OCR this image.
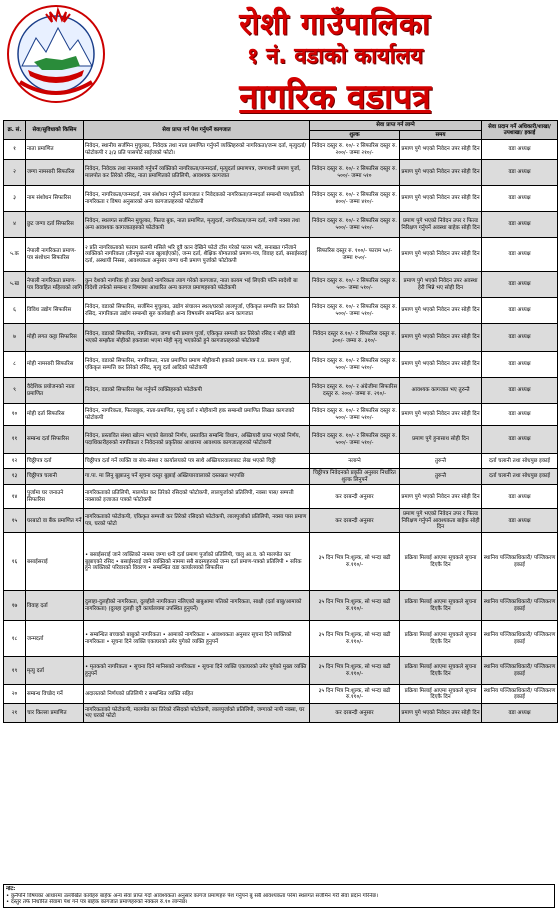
रोशी गाउँपालिका
१ नं. वडाको कार्यालय
नागरिक वडापत्र
क्र. सं.	सेवा/सुविधाको किसिम	सेवा प्राप्त गर्न पेश गर्नुपर्ने कागजात	सेवा प्राप्त गर्न लाग्ने		सेवा प्रदान गर्ने अधिकारी/शाखा/उपशाखा/ इकाई
			शुल्क	समय	
१	नाता प्रमाणित	निवेदन, स्थानीय सर्जमिन मुचुल्का, निवेदक तथा नाता प्रमाणित गर्नुपर्ने व्यक्तिहरुको नागरिकता/जन्म दर्ता, मृत्युदर्ता/फोटोकपी र ३/३ प्रति पासपोर्ट साईजको फोटो।	निवेदन दस्तुर रु. १०/- र सिफारिस दस्तुर रु. २००/- जम्मा २१०/-	प्रमाण पुगे भएको निवेदन उपर सोही दिन	वडा अध्यक्ष
२	जग्गा नामसारी सिफारिस	निवेदन, निवेदक तथा नामसारी गर्नुपर्ने व्यक्तिको नागरिकता/जन्मदर्ता, मृत्युदर्ता प्रमाणपत्र, जग्गाधनी प्रमाण पुर्जा, मालपोत कर तिरेको रसिद, नाता प्रमाणितको प्रतिलिपी, आवश्यक कागजात	निवेदन दस्तुर रु. १०/- र सिफारिस दस्तुर रु. ५००/- जम्मा ५१०	प्रमाण पुगे भएको निवेदन उपर सोही दिन	वडा अध्यक्ष
३	नाम संशोधन सिफारिस	निवेदन, नागरिकता/जन्मदर्ता, नाम संशोधन गर्नुपर्ने कागजात र निवेदकको नागरिकता/जन्मदर्ता सम्बन्धी पत्र/प्रतिको नागरिकता र विषय अनुसारको अन्य कागजातहरुको फोटोकपी	निवेदन दस्तुर रु. १०/- र सिफारिस दस्तुर रु. ४००/- जम्मा ४१०/-	प्रमाण पुगे भएको निवेदन उपर सोही दिन	वडा अध्यक्ष
४	छुट जग्गा दर्ता सिफारिस	निवेदन, स्थलगत सर्जमिन मुचुल्का, फिल्ड बुक, नाता प्रमाणित, मृत्युदर्ता, नागरिकता/जन्म दर्ता, नापी नक्सा तथा अन्य आवश्यक कागजातहरुको फोटोकपी	निवेदन दस्तुर रु. १०/- र सिफारिस दस्तुर रु. ५००/- जम्मा ५१०/-	प्रमाण पुगे भएको निवेदन उपर र फिल्ड निरिक्षण गर्नुपर्ने अवस्था बाहेक सोही दिन	वडा अध्यक्ष
५.क	नेपाली नागरिकता प्रमाण-पत्र संशोधन सिफारिस	२ प्रति नागरिकताको फाराम कलमी मसिले भरि दुवै कान देखिने फोटो टाँस गरेको फारम भरी, सनाखत गर्नेजाने व्यक्तिको नागरिकता (तीनपुस्ते नाता खुलाईएको), जन्म दर्ता, शैक्षिक योग्यताको प्रमाण-पत्र, विवाह दर्ता, बसाईसराई दर्ता, अस्थायी निस्सा, आवश्यकता अनुसार जग्गा धनी प्रमाण पुर्जाको फोटोकपी	सिफारिस दस्तुर रु. १००/- फाराम ५०/- जम्मा १५०/-	प्रमाण पुगे भएको निवेदन उपर सोही दिन	वडा अध्यक्ष
५.ख	नेपाली नागरिकता प्रमाण-पत्र विवाहित महिलाको लागि	कुन देशको नागरिक हो उक्त देशको नागरिकता त्याग गरेको कागजात, नाता कायम भई लिएकी पत्नि स्वदेशी बा विदेशी तर्फको सम्बन्ध र विषयमा आधारित अन्य कागज प्रमाणहरुको फोटोकपी	निवेदन दस्तुर रु. १०/- र सिफारिस दस्तुर रु. ५००- जम्मा ५१०/-	प्रमाण पुगे भएको निवेदन उपर अवस्था हेरी भिन्ने भए सोही दिन	वडा अध्यक्ष
६	विविध उद्योग सिफारिस	निवेदन, वडाको सिफारिस, सर्जमिन मुचुल्का, उद्योग संचालन स्थल/घरको लालपुर्जा, एकिकृत सम्पत्ति कर तिरेको रसिद, नागरिकता उद्योग सम्बन्धी सुरु कार्यबाही अन्य विषयसँग सम्बन्धित अन्य कागजात	निवेदन दस्तुर रु. १०/- र सिफारिस दस्तुर रु. ५००/- जम्मा ५१०/-	प्रमाण पुगे भएको निवेदन उपर सोही दिन	वडा अध्यक्ष
७	मोही लगत कट्टा सिफारिस	निवेदन, वडाको सिफारिस, नागरिकता, जग्गा धनी प्रमाण पुर्जा, एकिकृत सम्पत्ती कर तिरेको रसिद र मोही बाँडे भएको सम्झौता मोहीको हकवाला भएमा मोही मृत्यु भएकोको हुने कागजातहरुको फोटोकपी	निवेदन दस्तुर रु.१०/- र सिफारिस दस्तुर रु. ३००/- जम्मा रु. ३१०/-	प्रमाण पुगे भएको निवेदन उपर सोही दिन	वडा अध्यक्ष
८	मोही नामसारी सिफारिस	निवेदन, वडाको सिफारिस, नागरिकता, नाता प्रमाणित प्रमाण मोहीयानी हकको प्रमाण-पत्र र.प्र. प्रमाण पुर्जा, एकिकृत सम्पत्ति कर तिरेको रसिद, मृत्यु दर्ता आदिको फोटोकपी	निवेदन दस्तुर रु. १०/- र सिफारिस दस्तुर रु. ५००/- जम्मा ५१०/-	प्रमाण पुगे भएको निवेदन उपर सोही दिन	वडा अध्यक्ष
९	वैदेशिक प्रयोजनको नाता प्रमाणित	निवेदन, वडाको सिफारिस पेश गर्नुपर्ने व्यक्तिहरुको फोटोकपी	निवेदन दस्तुर रु. १०/- र अंग्रेजीमा सिफारिस दस्तुर रु. २००/- जम्मा रु. २१०/-	आवश्यक कागजात भए तुरुन्तै	वडा अध्यक्ष
१०	मोही दर्ता सिफारिस	निवेदन, नागरिकता, फिल्डबुक, नाता-प्रमाणित, मृत्यु दर्ता र मोहीयानी हक सम्बन्धी प्रमाणित लिखत कागजको फोटोकपी	निवेदन दस्तुर रु. १०/- र सिफारिस दस्तुर रु. ५००/- जम्मा ५१०/-	प्रमाण पुगे भएको निवेदन उपर सोही दिन	वडा अध्यक्ष
११	सम्बन्ध दर्ता सिफारिस	निवेदन, प्रस्तावित संस्था खोल्न भएको बेलाको निर्णय, प्रस्तावित सम्बन्धि विधान, अख्तियारी प्राप्त भएको निर्णय, पदाधिकारीहरुको नागरिकता र निवेदनको प्रकृतिका आधारमा आवश्यक कागजातहरुको फोटोकपी	निवेदन दस्तुर रु. १०/- र सिफारिस दस्तुर रु. ५००/- जम्मा ५१०/-	प्रमाण पुगे हुनासाथ सोही दिन	वडा अध्यक्ष
१२	चिठ्ठीपत्र दर्ता	चिठ्ठीपत्र दर्ता गर्ने व्यक्ति वा संघ-संस्था र कार्यालयको पत्र साथै अख्तियारवालाबाट लेख भएको चिठ्ठी	नलाग्ने	तुरुन्तै	दर्ता चलानी तथा सोधपुछ इकाई
१३	चिठ्ठीपत्र चलानी	गा.पा. मा लिनु बुझाउनु पर्ने सूचना दस्तुर बुझाई अख्तियारवालाको दस्तखत भएपछि	चिठ्ठीपत्र निवेदनको प्रकृति अनुसार निर्धारित शुल्क लिनुपर्ने	तुरुन्तै	दर्ता चलानी तथा सोधपुछ इकाई
१४	पुर्जामा घर जनाउने सिफारिस	नागरिकताको प्रतिलिपी, मालपोत कर तिरेको रसिदको फोटोकपी, लालपुर्जाको प्रतिलिपी, नक्सा पास/ सम्पत्ती नक्साको इजाजत पत्रको फोटोकपी	कर दरबन्दी अनुसार	प्रमाण पुगे भएको निवेदन उपर सोही दिन	वडा अध्यक्ष
१५	घरबाटो वा बैंक प्रमाणित गर्ने	नागरिकताको फोटोकपी, एकिकृत सम्पत्ती कर तिरेको रसिदको फोटोकपी, लालपुर्जाको प्रतिलिपी, नक्सा पास प्रमाण पत्र, घरको फोटो	कर दरबन्दी अनुसार	प्रमाण पुगे भएको निवेदन उपर र फिल्ड निरिक्षण गर्नुपर्ने आवश्यकता बाहेक सोही दिन	वडा अध्यक्ष
१६	बसाईसराई	• बसाईसराई जाने व्यक्तिको नाममा जग्गा धनी दर्ता प्रमाण पुर्जाको प्रतिलिपी, चालु आ.व. को मालपोत कर बुझाएको रसिद • बसाईसराई जाने व्यक्तिको नाममा सबै सदस्यहरुको जन्म दर्ता प्रमाण-पत्रको प्रतिलिपी • सरिक हुने व्यक्तिको परिवारको विवरण • सम्बन्धित वडा कार्यालयको सिफारिस	३५ दिन भित्र नि:शुल्क, सो भन्दा बढी रु.११०/-	प्रक्रिया मिलाई आएमा सूचकले सूचना दिएकै दिन	स्थानिय पञ्जिकाधिकारी/ पञ्जिकरण इकाई
१७	विवाह दर्ता	दुलाहा-दुलहीको नागरिकता, दुलहीले नागरिकता नलिएको बाबुआमा पतिको नागरिकता, साक्षी (दर्ता बाबु/आमाको नागरिकता) (दुलहा दुलही दुवै कार्यालयमा उपस्थित हुनुपर्ने)	३५ दिन भित्र नि:शुल्क, सो भन्दा बढी रु.११०/-	प्रक्रिया मिलाई आएमा सूचकले सूचना दिएकै दिन	स्थानिय पञ्जिकाधिकारी/ पञ्जिकरण इकाई
१८	जन्मदर्ता	• सम्बन्धित बच्चाको बाबुको नागरिकता • आमाको नागरिकता • आवश्यकता अनुसार सूचना दिने व्यक्तिको नागरिकता • सूचना दिने व्यक्ति एकाघरको उमेर पुगेको व्यक्ति हुनुपर्ने	३५ दिन भित्र नि:शुल्क, सो भन्दा बढी रु.११०/-	प्रक्रिया मिलाई आएमा सूचकले सूचना दिएकै दिन	स्थानिय पञ्जिकाधिकारी/ पञ्जिकरण इकाई
१९	मृत्यु दर्ता	• मृतकको नागरिकता • सूचना दिने मानिसको नागरिकता • सूचना दिने व्यक्ति एकाघरको उमेर पुगेको मुख्य व्यक्ति हुनुपर्ने	३५ दिन भित्र नि:शुल्क, सो भन्दा बढी रु.११०/-	प्रक्रिया मिलाई आएमा सूचकले सूचना दिएकै दिन	स्थानिय पञ्जिकाधिकारी/ पञ्जिकरण इकाई
२०	सम्बन्ध विच्छेद गर्ने	अदालतको निर्णयको प्रतिलिपी र सम्बन्धित व्यक्ति सहित	३५ दिन भित्र नि:शुल्क, सो भन्दा बढी रु.११०/-	प्रक्रिया मिलाई आएमा सूचकले सूचना दिएकै दिन	स्थानिय पञ्जिकाधिकारी/ पञ्जिकरण इकाई
२१	चार किल्ला प्रमाणित	नागरिकताको फोटोकपी, मालपोत कर तिरेको रसिदको फोटोकपी, लालपुर्जाको प्रतिलिपी, जग्गाको नापी नक्सा, घर भए घरको फोटो	कर दरबन्दी अनुसार	प्रमाण पुगे भएको निवेदन उपर सोही दिन	वडा अध्यक्ष
नोट:
• कुनैपनि विषयका आधारमा उल्लेखित कार्यहरु बाहेक अन्य सेवा प्राप्त गर्दा आवश्यकता अनुसार कागज प्रमाणहरु पेश गर्नुपर्ने बु सबै आवश्यकता परेमा स्थलगत सर्जमिन गरी सेवा प्रदान गरिनेछ।
• दस्तुर तर्फ निर्धारित सेवामा पेश गर्ने पत्र बाहेक कागजात प्रमाणहरुको नक्कल रु.१० लाग्नेछ।
